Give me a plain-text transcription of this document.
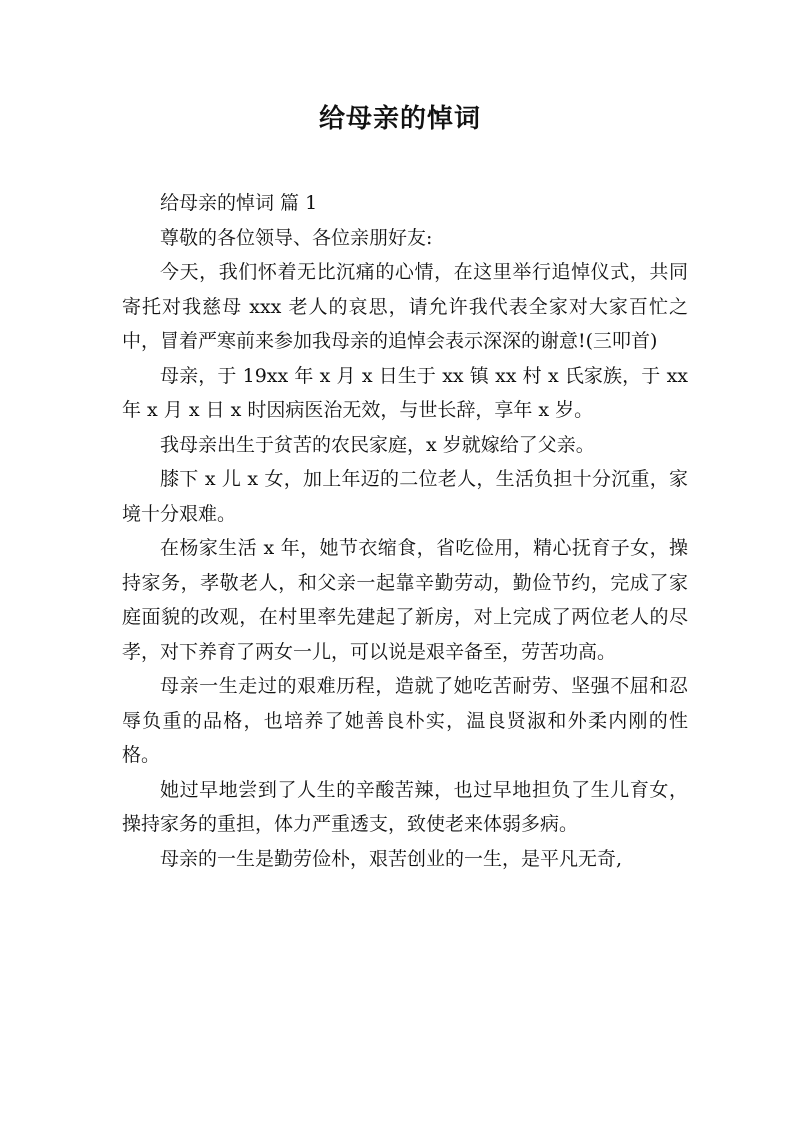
给母亲的悼词

给母亲的悼词 篇 1

尊敬的各位领导、各位亲朋好友:

今天，我们怀着无比沉痛的心情，在这里举行追悼仪式，共同寄托对我慈母 xxx 老人的哀思，请允许我代表全家对大家百忙之中，冒着严寒前来参加我母亲的追悼会表示深深的谢意!(三叩首)

母亲，于 19xx 年 x 月 x 日生于 xx 镇 xx 村 x 氏家族，于 xx 年 x 月 x 日 x 时因病医治无效，与世长辞，享年 x 岁。

我母亲出生于贫苦的农民家庭，x 岁就嫁给了父亲。

膝下 x 儿 x 女，加上年迈的二位老人，生活负担十分沉重，家境十分艰难。

在杨家生活 x 年，她节衣缩食，省吃俭用，精心抚育子女，操持家务，孝敬老人，和父亲一起靠辛勤劳动，勤俭节约，完成了家庭面貌的改观，在村里率先建起了新房，对上完成了两位老人的尽孝，对下养育了两女一儿，可以说是艰辛备至，劳苦功高。

母亲一生走过的艰难历程，造就了她吃苦耐劳、坚强不屈和忍辱负重的品格，也培养了她善良朴实，温良贤淑和外柔内刚的性格。

她过早地尝到了人生的辛酸苦辣，也过早地担负了生儿育女，操持家务的重担，体力严重透支，致使老来体弱多病。

母亲的一生是勤劳俭朴，艰苦创业的一生，是平凡无奇,
